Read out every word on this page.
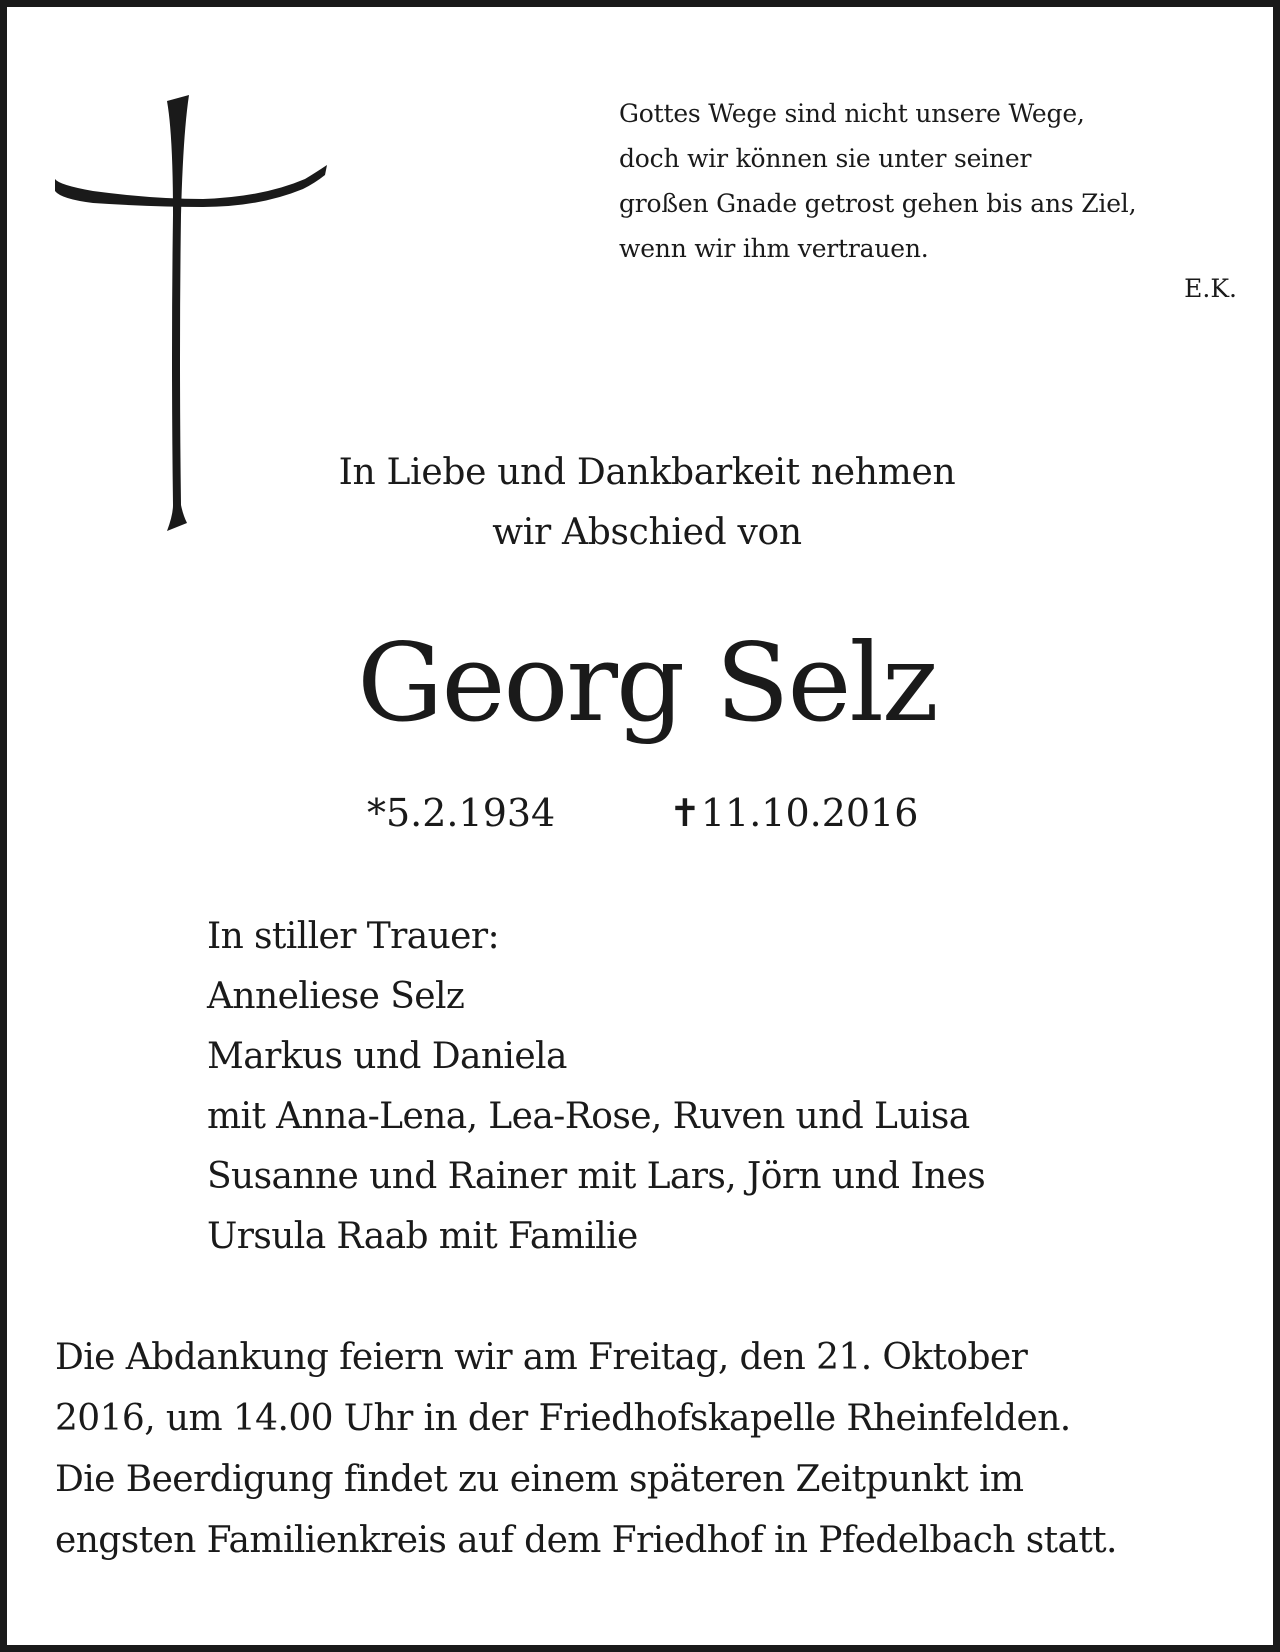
Gottes Wege sind nicht unsere Wege,
doch wir können sie unter seiner
großen Gnade getrost gehen bis ans Ziel,
wenn wir ihm vertrauen.
E.K.
In Liebe und Dankbarkeit nehmen
wir Abschied von
Georg Selz
*5.2.1934	✝11.10.2016
In stiller Trauer:
Anneliese Selz
Markus und Daniela
mit Anna-Lena, Lea-Rose, Ruven und Luisa
Susanne und Rainer mit Lars, Jörn und Ines
Ursula Raab mit Familie
Die Abdankung feiern wir am Freitag, den 21. Oktober
2016, um 14.00 Uhr in der Friedhofskapelle Rheinfelden.
Die Beerdigung findet zu einem späteren Zeitpunkt im
engsten Familienkreis auf dem Friedhof in Pfedelbach statt.
